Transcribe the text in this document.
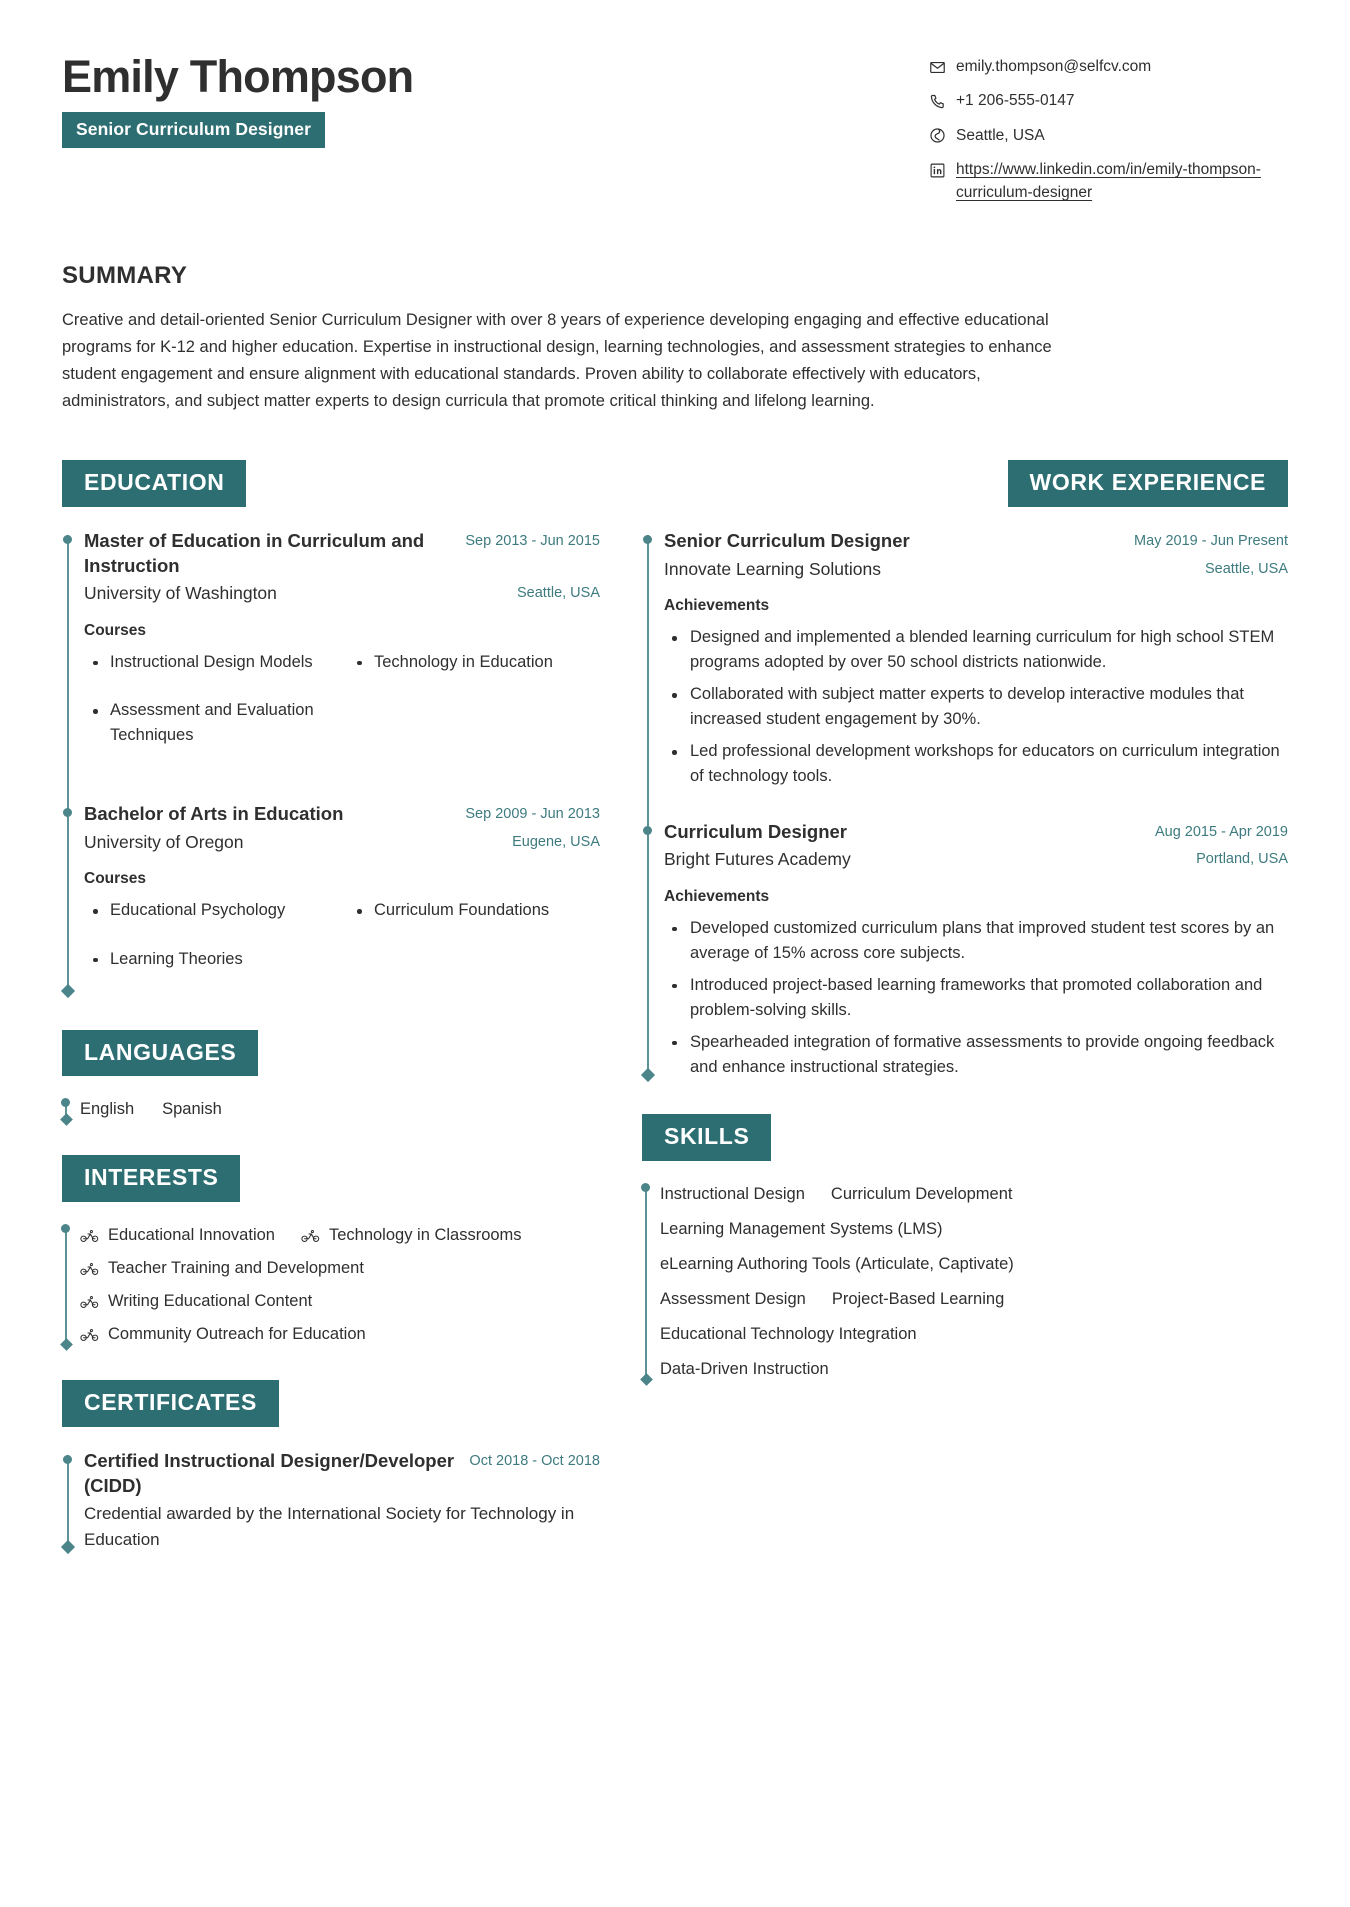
Emily Thompson
Senior Curriculum Designer
emily.thompson@selfcv.com
+1 206-555-0147
Seattle, USA
https://www.linkedin.com/in/emily-thompson-curriculum-designer
SUMMARY
Creative and detail-oriented Senior Curriculum Designer with over 8 years of experience developing engaging and effective educational programs for K-12 and higher education. Expertise in instructional design, learning technologies, and assessment strategies to enhance student engagement and ensure alignment with educational standards. Proven ability to collaborate effectively with educators, administrators, and subject matter experts to design curricula that promote critical thinking and lifelong learning.
EDUCATION
Master of Education in Curriculum and Instruction
Sep 2013 - Jun 2015
University of Washington	Seattle, USA
Courses
Instructional Design Models	Technology in Education
Assessment and Evaluation Techniques
Bachelor of Arts in Education	Sep 2009 - Jun 2013
University of Oregon	Eugene, USA
Courses
Educational Psychology	Curriculum Foundations
Learning Theories
LANGUAGES
English Spanish
INTERESTS
Educational Innovation	Technology in Classrooms
Teacher Training and Development
Writing Educational Content
Community Outreach for Education
CERTIFICATES
Certified Instructional Designer/Developer (CIDD)
Oct 2018 - Oct 2018
Credential awarded by the International Society for Technology in Education
WORK EXPERIENCE
Senior Curriculum Designer	May 2019 - Jun Present
Innovate Learning Solutions	Seattle, USA
Achievements
Designed and implemented a blended learning curriculum for high school STEM programs adopted by over 50 school districts nationwide.
Collaborated with subject matter experts to develop interactive modules that increased student engagement by 30%.
Led professional development workshops for educators on curriculum integration of technology tools.
Curriculum Designer	Aug 2015 - Apr 2019
Bright Futures Academy	Portland, USA
Achievements
Developed customized curriculum plans that improved student test scores by an average of 15% across core subjects.
Introduced project-based learning frameworks that promoted collaboration and problem-solving skills.
Spearheaded integration of formative assessments to provide ongoing feedback and enhance instructional strategies.
SKILLS
Instructional Design Curriculum Development
Learning Management Systems (LMS)
eLearning Authoring Tools (Articulate, Captivate)
Assessment Design Project-Based Learning
Educational Technology Integration
Data-Driven Instruction
